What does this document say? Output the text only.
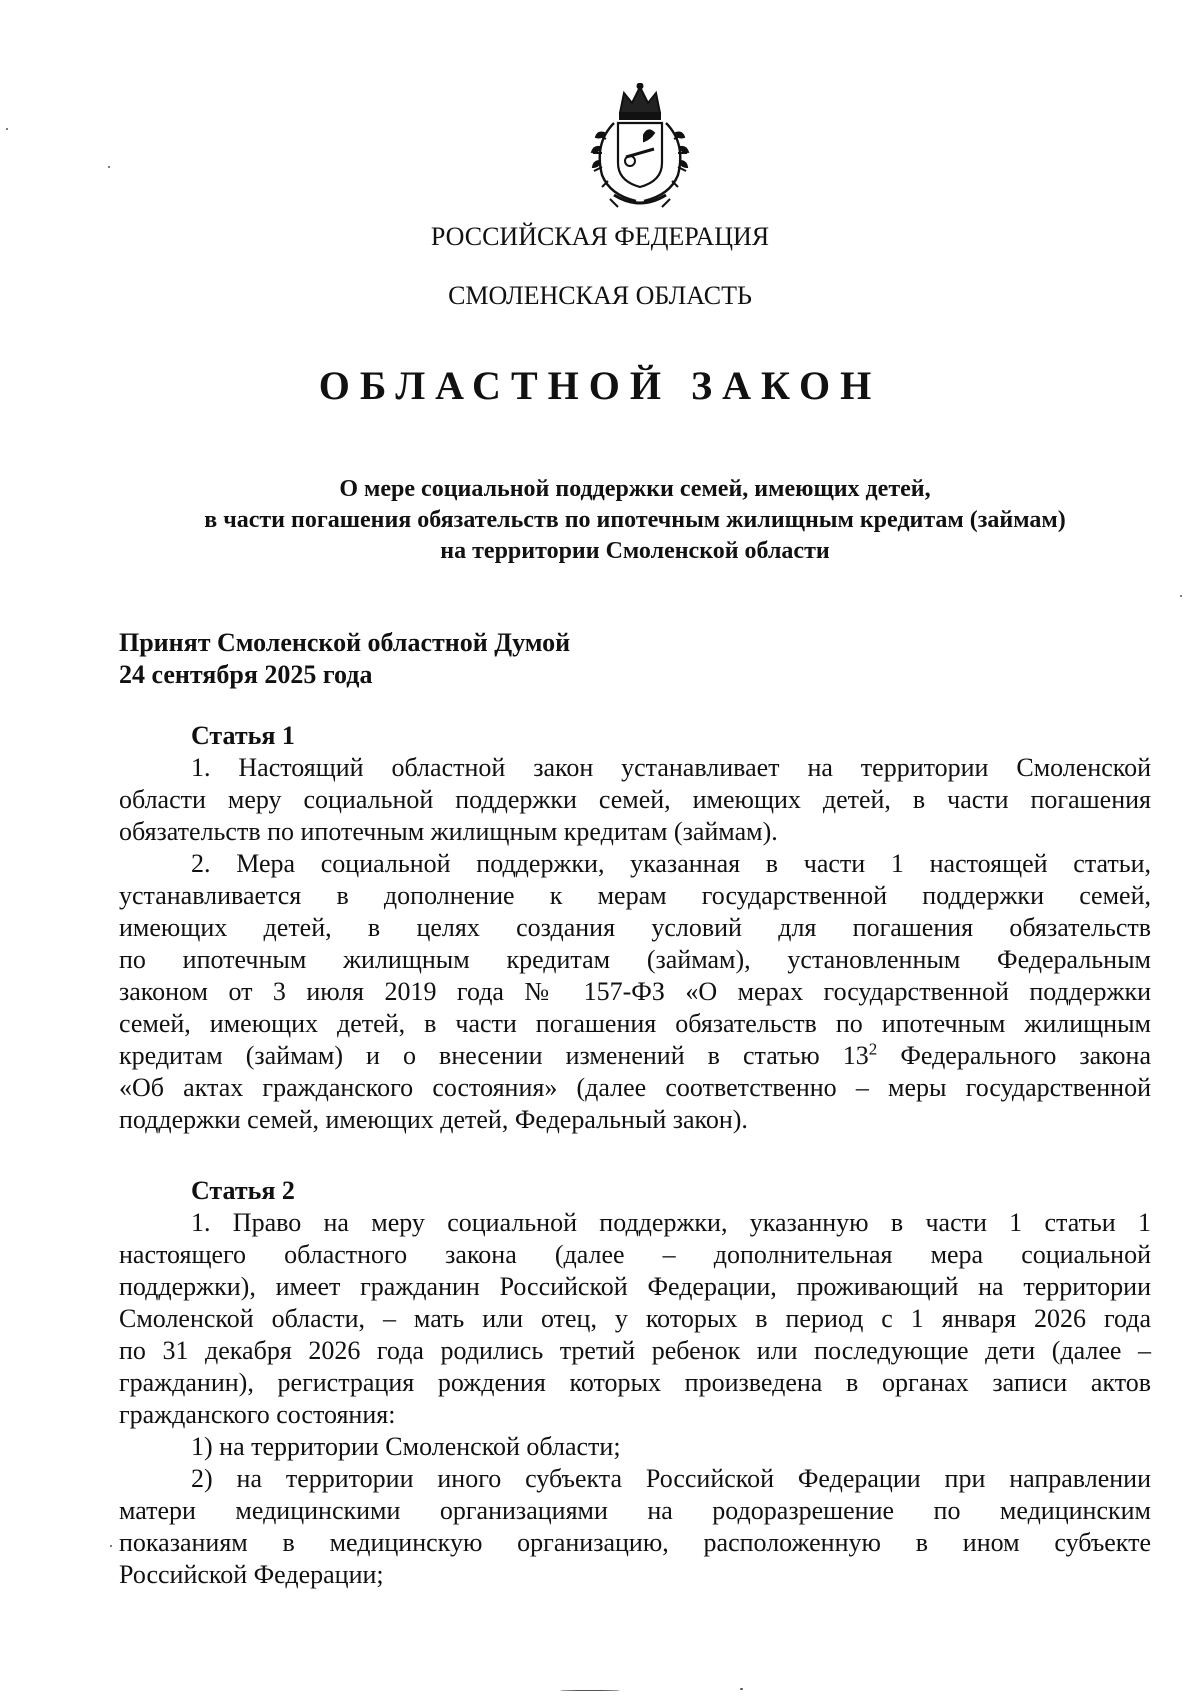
РОССИЙСКАЯ ФЕДЕРАЦИЯ
СМОЛЕНСКАЯ ОБЛАСТЬ
ОБЛАСТНОЙ ЗАКОН
О мере социальной поддержки семей, имеющих детей,
в части погашения обязательств по ипотечным жилищным кредитам (займам)
на территории Смоленской области
Принят Смоленской областной Думой
24 сентября 2025 года
Статья 1
1. Настоящий областной закон устанавливает на территории Смоленской
области меру социальной поддержки семей, имеющих детей, в части погашения
обязательств по ипотечным жилищным кредитам (займам).
2. Мера социальной поддержки, указанная в части 1 настоящей статьи,
устанавливается в дополнение к мерам государственной поддержки семей,
имеющих детей, в целях создания условий для погашения обязательств
по ипотечным жилищным кредитам (займам), установленным Федеральным
законом от 3 июля 2019 года № 157-ФЗ «О мерах государственной поддержки
семей, имеющих детей, в части погашения обязательств по ипотечным жилищным
кредитам (займам) и о внесении изменений в статью $13^2$ Федерального закона
«Об актах гражданского состояния» (далее соответственно – меры государственной
поддержки семей, имеющих детей, Федеральный закон).
Статья 2
1. Право на меру социальной поддержки, указанную в части 1 статьи 1
настоящего областного закона (далее – дополнительная мера социальной
поддержки), имеет гражданин Российской Федерации, проживающий на территории
Смоленской области, – мать или отец, у которых в период с 1 января 2026 года
по 31 декабря 2026 года родились третий ребенок или последующие дети (далее –
гражданин), регистрация рождения которых произведена в органах записи актов
гражданского состояния:
1) на территории Смоленской области;
2) на территории иного субъекта Российской Федерации при направлении
матери медицинскими организациями на родоразрешение по медицинским
показаниям в медицинскую организацию, расположенную в ином субъекте
Российской Федерации;
